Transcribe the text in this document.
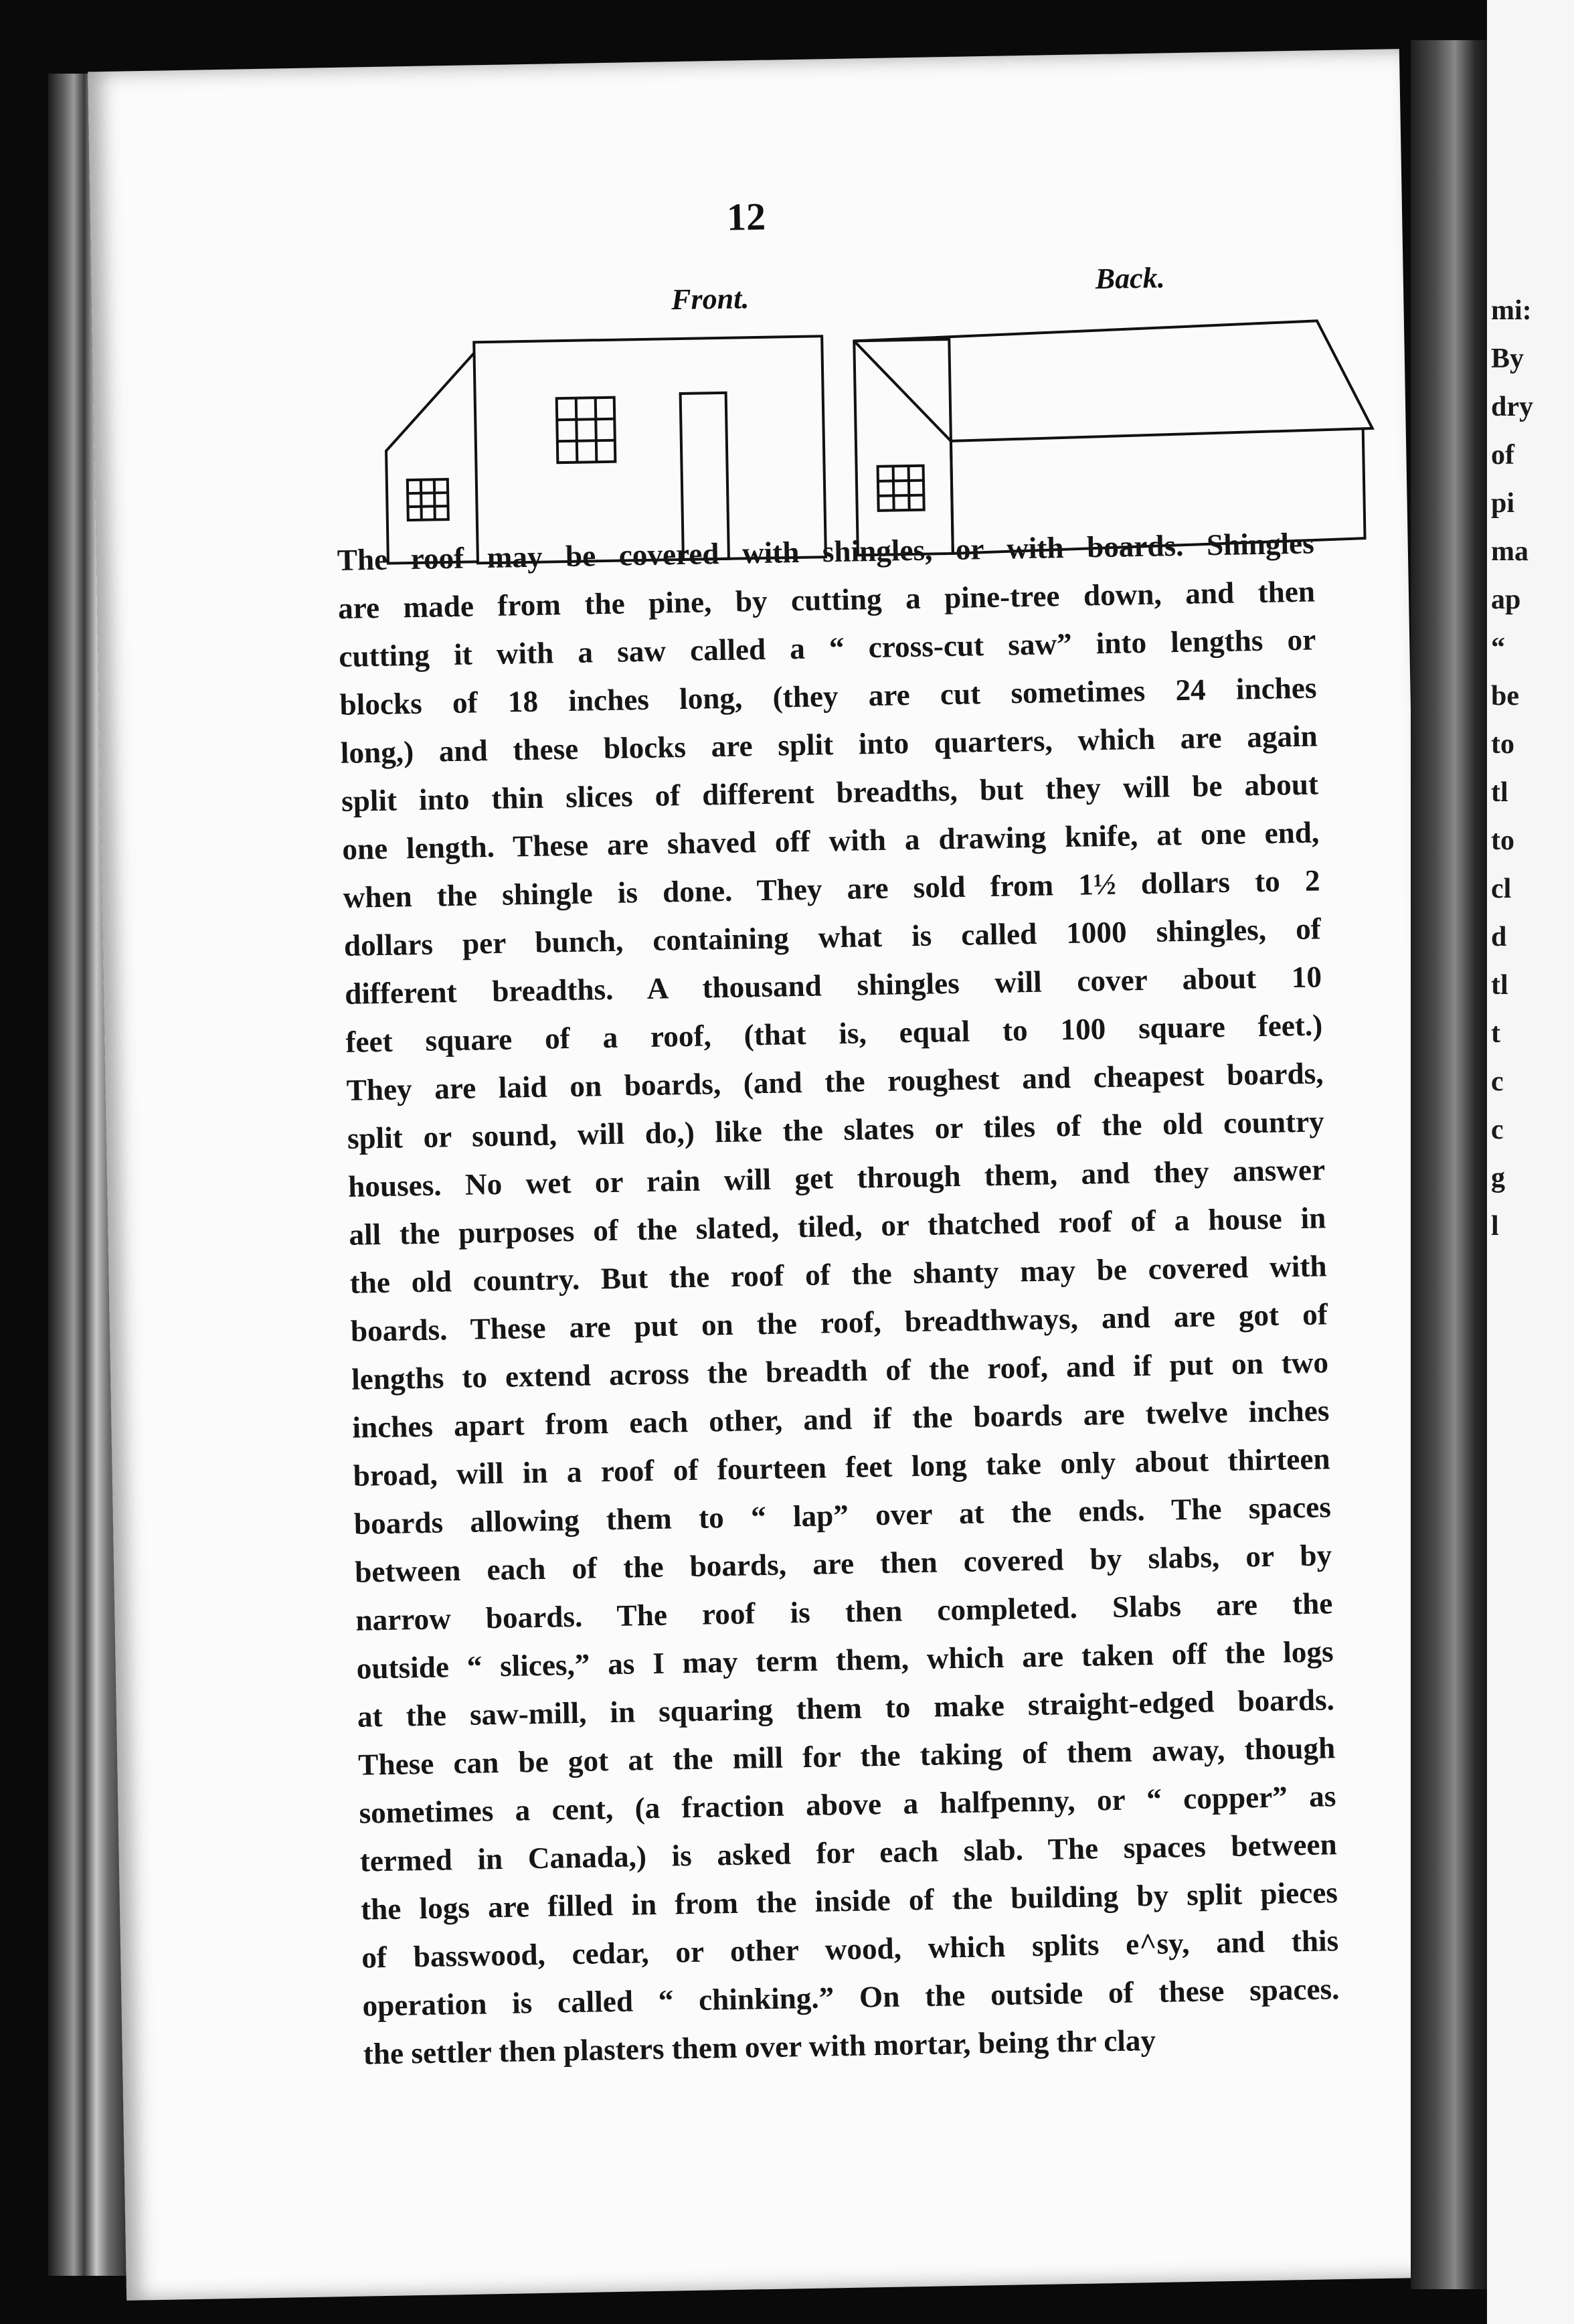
12
Front.
Back.
The roof may be covered with shingles, or with boards. Shingles
are made from the pine, by cutting a pine-tree down, and then
cutting it with a saw called a “ cross-cut saw” into lengths or
blocks of 18 inches long, (they are cut sometimes 24 inches
long,) and these blocks are split into quarters, which are again
split into thin slices of different breadths, but they will be about
one length. These are shaved off with a drawing knife, at one end,
when the shingle is done. They are sold from 1½ dollars to 2
dollars per bunch, containing what is called 1000 shingles, of
different breadths. A thousand shingles will cover about 10
feet square of a roof, (that is, equal to 100 square feet.)
They are laid on boards, (and the roughest and cheapest boards,
split or sound, will do,) like the slates or tiles of the old country
houses. No wet or rain will get through them, and they answer
all the purposes of the slated, tiled, or thatched roof of a house in
the old country. But the roof of the shanty may be covered with
boards. These are put on the roof, breadthways, and are got of
lengths to extend across the breadth of the roof, and if put on two
inches apart from each other, and if the boards are twelve inches
broad, will in a roof of fourteen feet long take only about thirteen
boards allowing them to “ lap” over at the ends. The spaces
between each of the boards, are then covered by slabs, or by
narrow boards. The roof is then completed. Slabs are the
outside “ slices,” as I may term them, which are taken off the logs
at the saw-mill, in squaring them to make straight-edged boards.
These can be got at the mill for the taking of them away, though
sometimes a cent, (a fraction above a halfpenny, or “ copper” as
termed in Canada,) is asked for each slab. The spaces between
the logs are filled in from the inside of the building by split pieces
of basswood, cedar, or other wood, which splits e^sy, and this
operation is called “ chinking.” On the outside of these spaces.
the settler then plasters them over with mortar, being thr clay
mi:
By
dry
of
pi
ma
ap
“
be
to
tl
to
cl
d
tl
t
c
c
g
l
